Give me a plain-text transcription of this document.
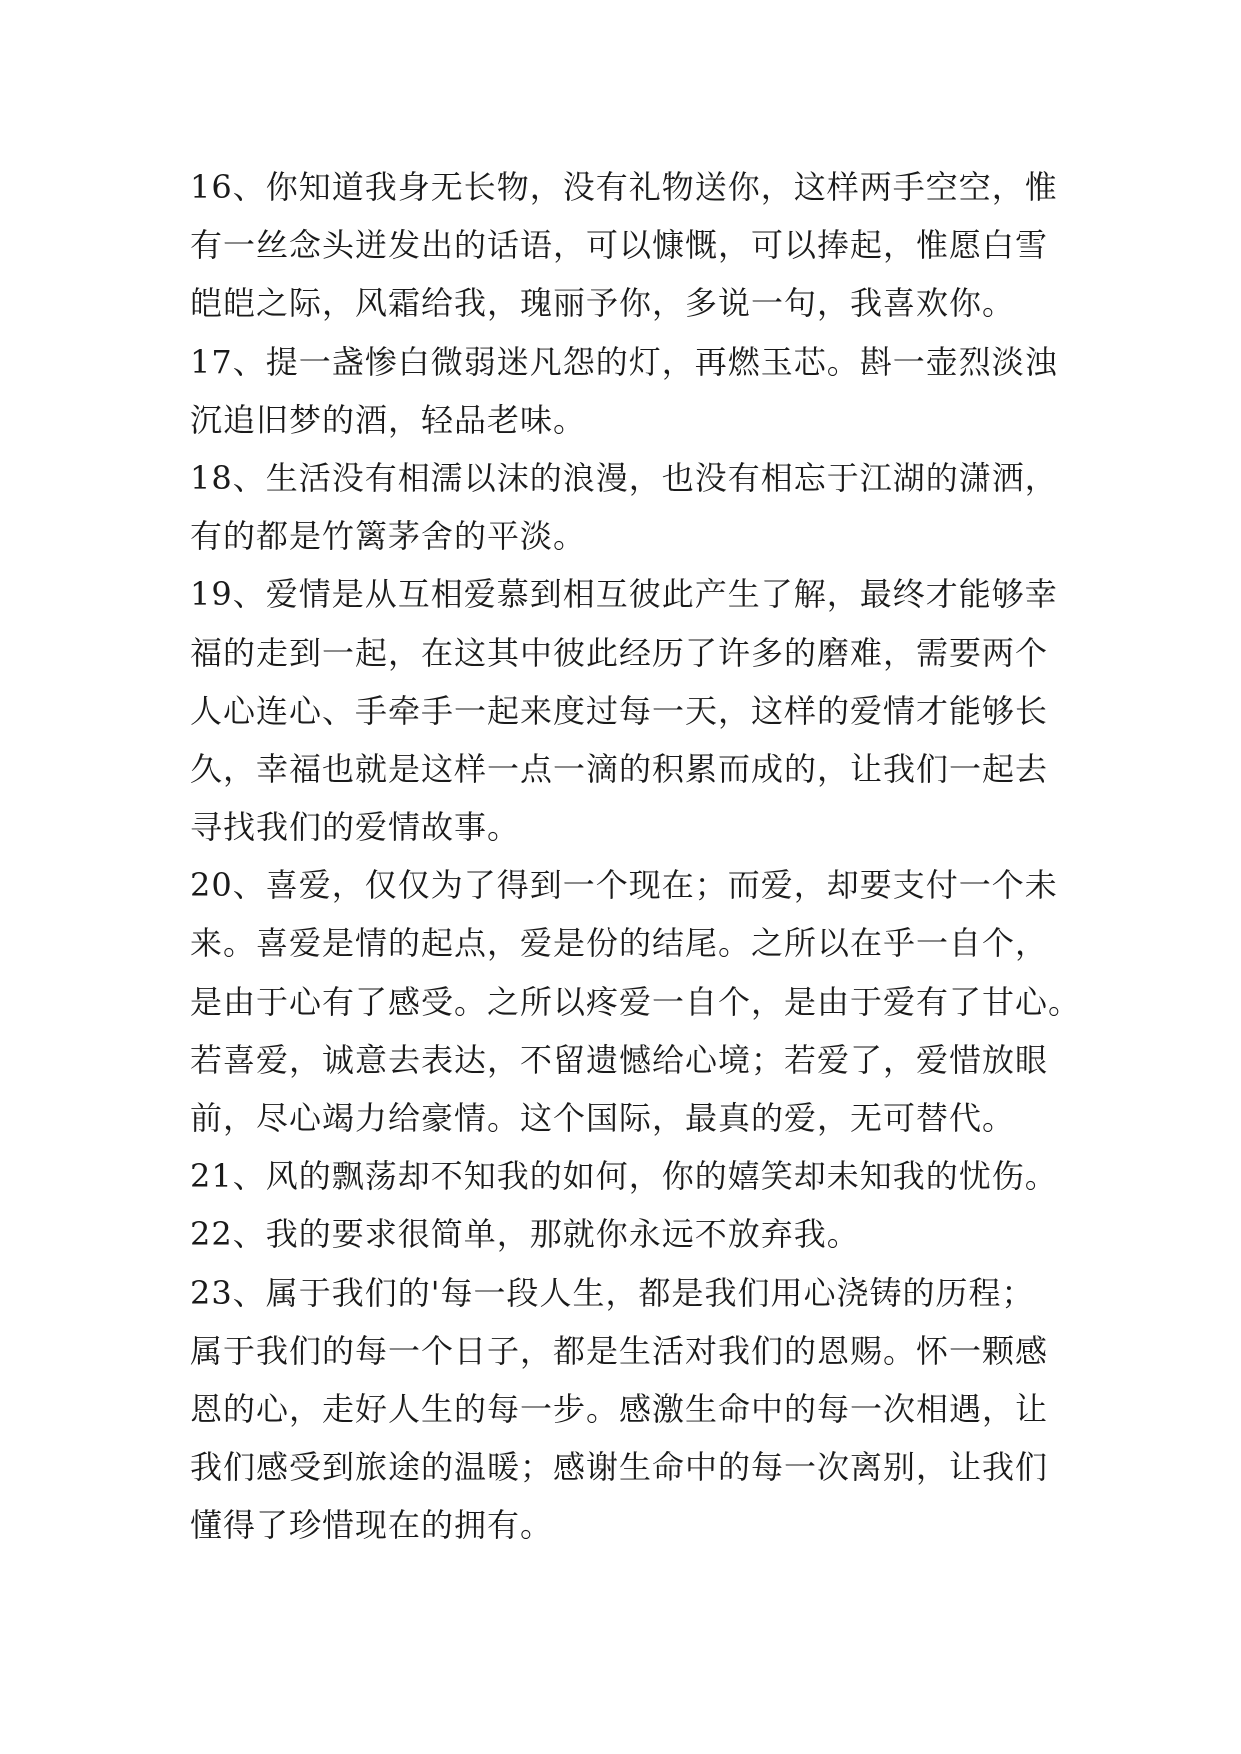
16、你知道我身无长物，没有礼物送你，这样两手空空，惟
有一丝念头迸发出的话语，可以慷慨，可以捧起，惟愿白雪
皑皑之际，风霜给我，瑰丽予你，多说一句，我喜欢你。
17、提一盏惨白微弱迷凡怨的灯，再燃玉芯。斟一壶烈淡浊
沉追旧梦的酒，轻品老味。
18、生活没有相濡以沫的浪漫，也没有相忘于江湖的潇洒，
有的都是竹篱茅舍的平淡。
19、爱情是从互相爱慕到相互彼此产生了解，最终才能够幸
福的走到一起，在这其中彼此经历了许多的磨难，需要两个
人心连心、手牵手一起来度过每一天，这样的爱情才能够长
久，幸福也就是这样一点一滴的积累而成的，让我们一起去
寻找我们的爱情故事。
20、喜爱，仅仅为了得到一个现在；而爱，却要支付一个未
来。喜爱是情的起点，爱是份的结尾。之所以在乎一自个，
是由于心有了感受。之所以疼爱一自个，是由于爱有了甘心。
若喜爱，诚意去表达，不留遗憾给心境；若爱了，爱惜放眼
前，尽心竭力给豪情。这个国际，最真的爱，无可替代。
21、风的飘荡却不知我的如何，你的嬉笑却未知我的忧伤。
22、我的要求很简单，那就你永远不放弃我。
23、属于我们的'每一段人生，都是我们用心浇铸的历程；
属于我们的每一个日子，都是生活对我们的恩赐。怀一颗感
恩的心，走好人生的每一步。感激生命中的每一次相遇，让
我们感受到旅途的温暖；感谢生命中的每一次离别，让我们
懂得了珍惜现在的拥有。
